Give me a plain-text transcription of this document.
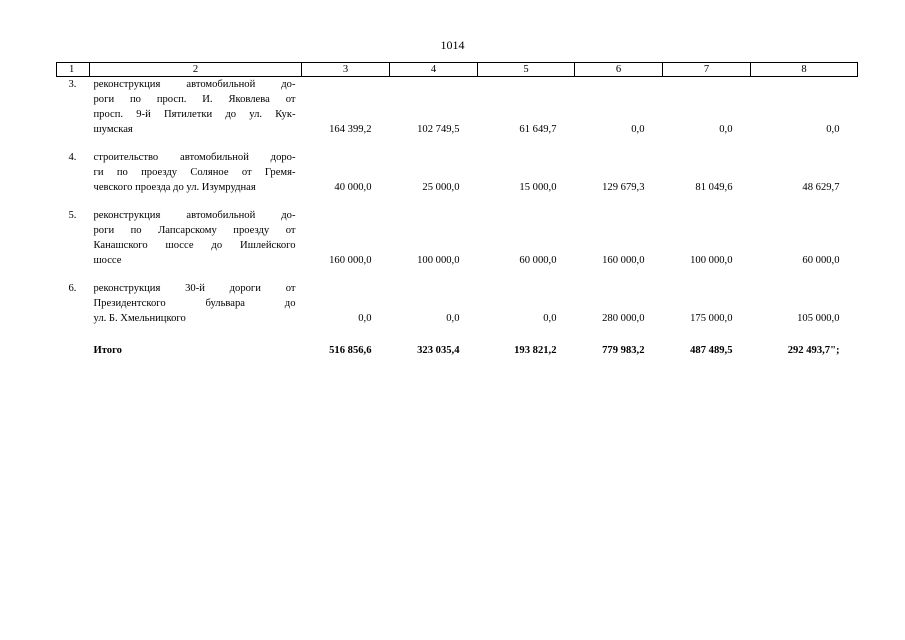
1014
1	2	3	4	5	6	7	8
3.	реконструкция автомобильной до-
роги по просп. И. Яковлева от
просп. 9-й Пятилетки до ул. Кук-
шумская	164 399,2	102 749,5	61 649,7	0,0	0,0	0,0
4.	строительство автомобильной доро-
ги по проезду Соляное от Гремя-
чевского проезда до ул. Изумрудная	40 000,0	25 000,0	15 000,0	129 679,3	81 049,6	48 629,7
5.	реконструкция автомобильной до-
роги по Лапсарскому проезду от
Канашского шоссе до Ишлейского
шоссе	160 000,0	100 000,0	60 000,0	160 000,0	100 000,0	60 000,0
6.	реконструкция 30-й дороги от
Президентского бульвара до
ул. Б. Хмельницкого	0,0	0,0	0,0	280 000,0	175 000,0	105 000,0
	Итого	516 856,6	323 035,4	193 821,2	779 983,2	487 489,5	292 493,7";
